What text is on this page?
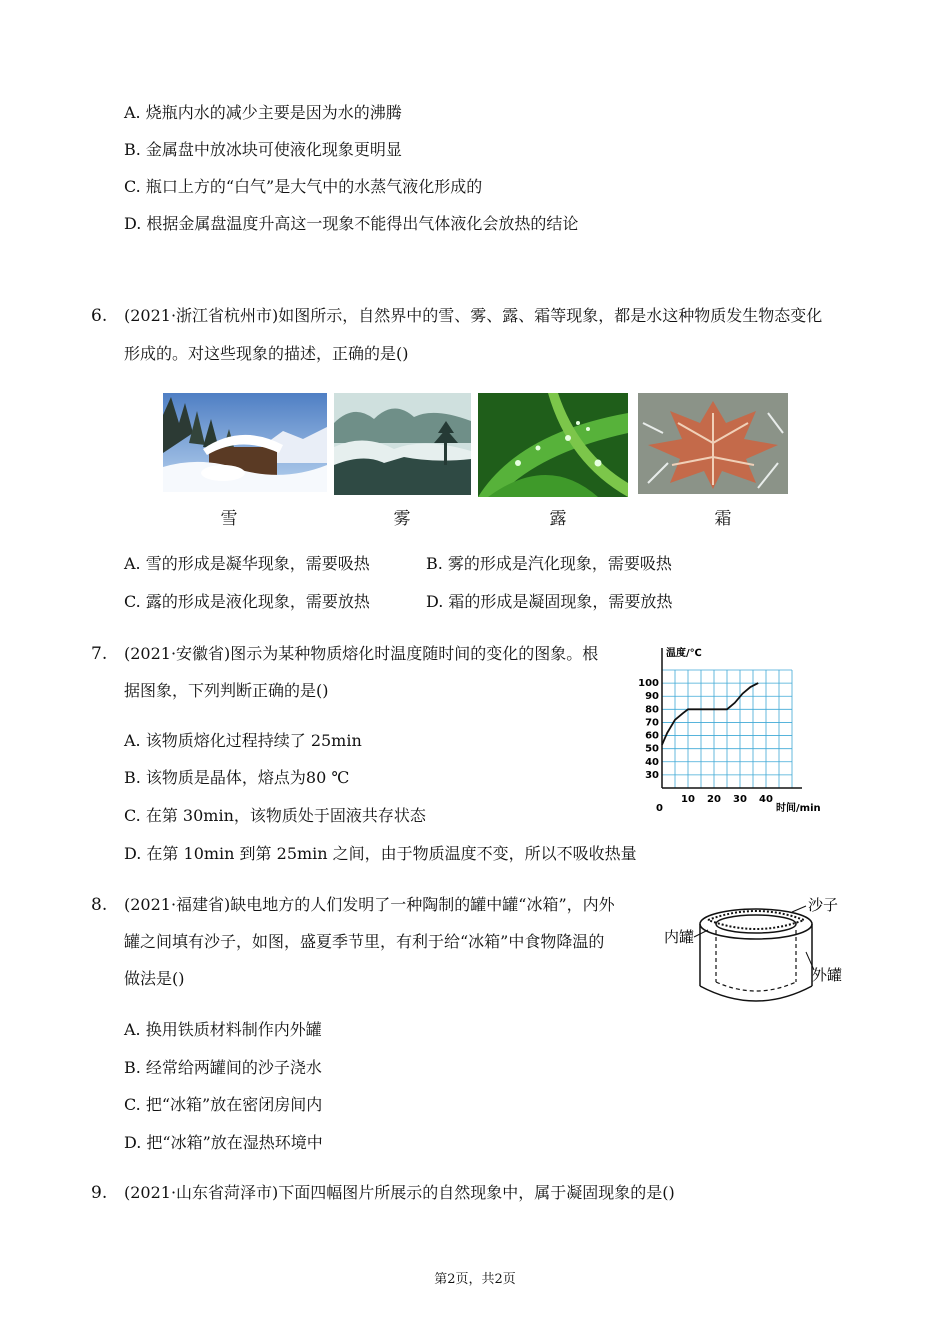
A. 烧瓶内水的减少主要是因为水的沸腾
B. 金属盘中放冰块可使液化现象更明显
C. 瓶口上方的“白气”是大气中的水蒸气液化形成的
D. 根据金属盘温度升高这一现象不能得出气体液化会放热的结论
6. (2021·浙江省杭州市)如图所示，自然界中的雪、雾、露、霜等现象，都是水这种物质发生物态变化
形成的。对这些现象的描述，正确的是()
雪	雾	露	霜
A. 雪的形成是凝华现象，需要吸热	B. 雾的形成是汽化现象，需要吸热
C. 露的形成是液化现象，需要放热	D. 霜的形成是凝固现象，需要放热
7. (2021·安徽省)图示为某种物质熔化时温度随时间的变化的图象。根
据图象，下列判断正确的是()
A. 该物质熔化过程持续了 25min
B. 该物质是晶体，熔点为80 ℃
C. 在第 30min，该物质处于固液共存状态
D. 在第 10min 到第 25min 之间，由于物质温度不变，所以不吸收热量
30
40
50
60
70
80
90
100
10 20 30 40
温度/℃
时间/min
0
8. (2021·福建省)缺电地方的人们发明了一种陶制的罐中罐“冰箱”，内外
罐之间填有沙子，如图，盛夏季节里，有利于给“冰箱”中食物降温的
做法是()
沙子
内罐
外罐
A. 换用铁质材料制作内外罐
B. 经常给两罐间的沙子浇水
C. 把“冰箱”放在密闭房间内
D. 把“冰箱”放在湿热环境中
9. (2021·山东省菏泽市)下面四幅图片所展示的自然现象中，属于凝固现象的是()
第2页，共2页
